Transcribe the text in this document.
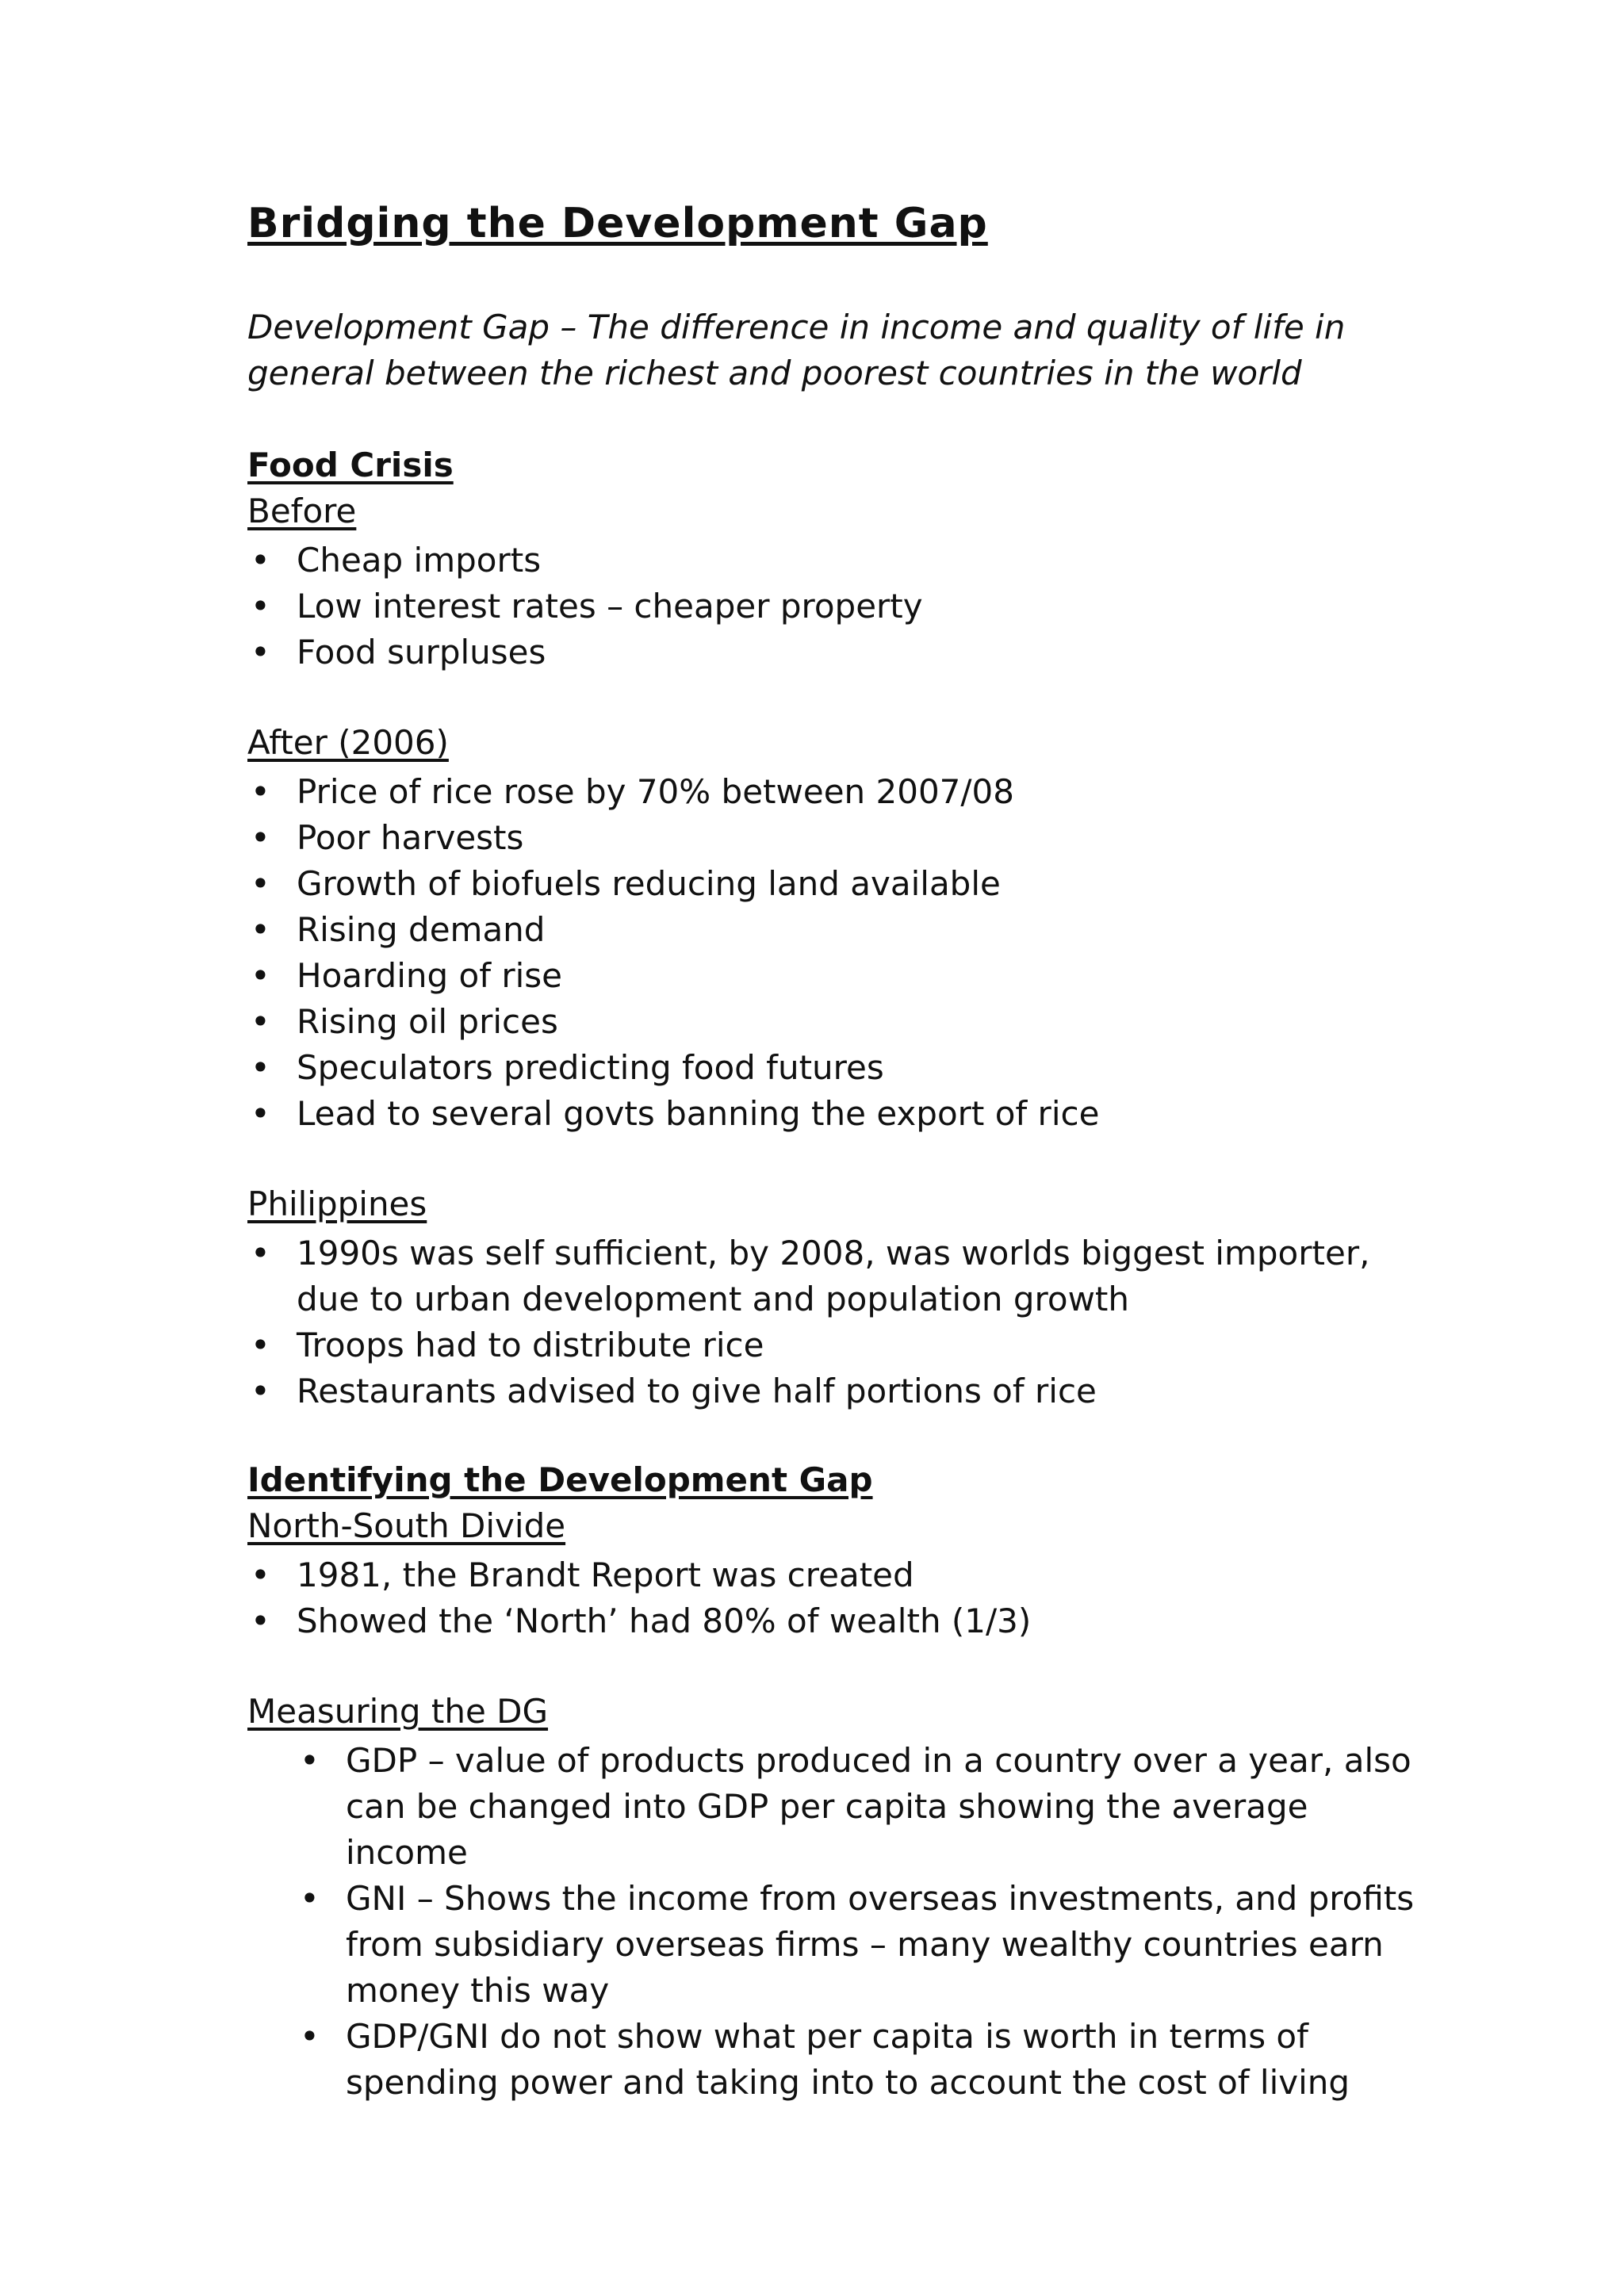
Bridging the Development Gap
Development Gap – The difference in income and quality of life in general between the richest and poorest countries in the world
Food Crisis
Before
• Cheap imports
• Low interest rates – cheaper property
• Food surpluses
After (2006)
• Price of rice rose by 70% between 2007/08
• Poor harvests
• Growth of biofuels reducing land available
• Rising demand
• Hoarding of rise
• Rising oil prices
• Speculators predicting food futures
• Lead to several govts banning the export of rice
Philippines
• 1990s was self sufficient, by 2008, was worlds biggest importer, due to urban development and population growth
• Troops had to distribute rice
• Restaurants advised to give half portions of rice
Identifying the Development Gap
North-South Divide
• 1981, the Brandt Report was created
• Showed the ‘North’ had 80% of wealth (1/3)
Measuring the DG
• GDP – value of products produced in a country over a year, also can be changed into GDP per capita showing the average income
• GNI – Shows the income from overseas investments, and profits from subsidiary overseas firms – many wealthy countries earn money this way
• GDP/GNI do not show what per capita is worth in terms of spending power and taking into to account the cost of living
